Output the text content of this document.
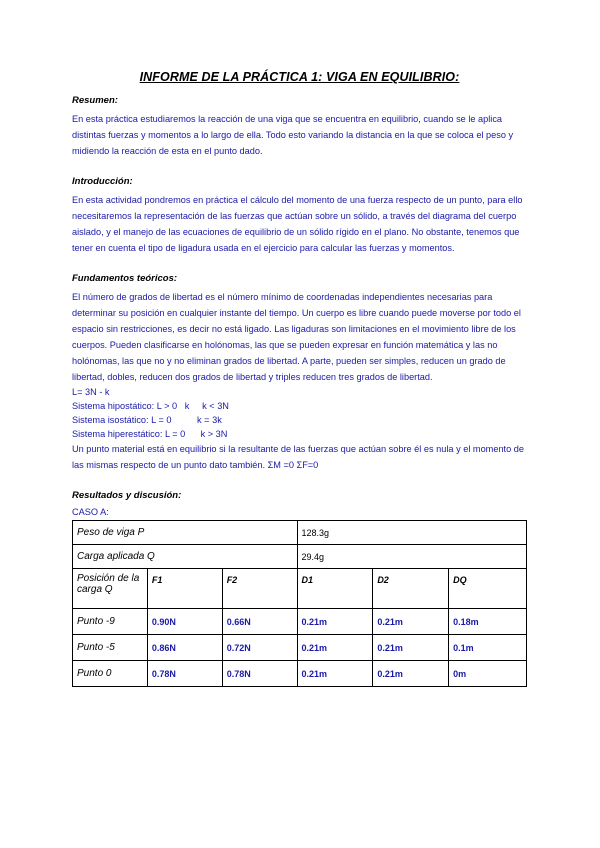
INFORME DE LA PRÁCTICA 1: VIGA EN EQUILIBRIO:
Resumen:

En esta práctica estudiaremos la reacción de una viga que se encuentra en equilibrio, cuando se le aplica distintas fuerzas y momentos a lo largo de ella. Todo esto variando la distancia en la que se coloca el peso y midiendo la reacción de esta en el punto dado.

Introducción:

En esta actividad pondremos en práctica el cálculo del momento de una fuerza respecto de un punto, para ello necesitaremos la representación de las fuerzas que actúan sobre un sólido, a través del diagrama del cuerpo aislado, y el manejo de las ecuaciones de equilibrio de un sólido rígido en el plano. No obstante, tenemos que tener en cuenta el tipo de ligadura usada en el ejercicio para calcular las fuerzas y momentos.

Fundamentos teóricos:

El número de grados de libertad es el número mínimo de coordenadas independientes necesarias para determinar su posición en cualquier instante del tiempo. Un cuerpo es libre cuando puede moverse por todo el espacio sin restricciones, es decir no está ligado. Las ligaduras son limitaciones en el movimiento libre de los cuerpos. Pueden clasificarse en holónomas, las que se pueden expresar en función matemática y las no holónomas, las que no y no eliminan grados de libertad. A parte, pueden ser simples, reducen un grado de libertad, dobles, reducen dos grados de libertad y triples reducen tres grados de libertad.

L= 3N - k

Sistema hipostático: L > 0   k     k < 3N

Sistema isostático: L = 0          k = 3k

Sistema hiperestático: L = 0      k > 3N

Un punto material está en equilibrio si la resultante de las fuerzas que actúan sobre él es nula y el momento de las mismas respecto de un punto dato también. ΣM =0 ΣF=0

Resultados y discusión:

CASO A:

Peso de viga P			128.3g		
Carga aplicada Q			29.4g		
Posición de la carga Q	F1	F2	D1	D2	DQ
Punto -9	0.90N	0.66N	0.21m	0.21m	0.18m
Punto -5	0.86N	0.72N	0.21m	0.21m	0.1m
Punto 0	0.78N	0.78N	0.21m	0.21m	0m
